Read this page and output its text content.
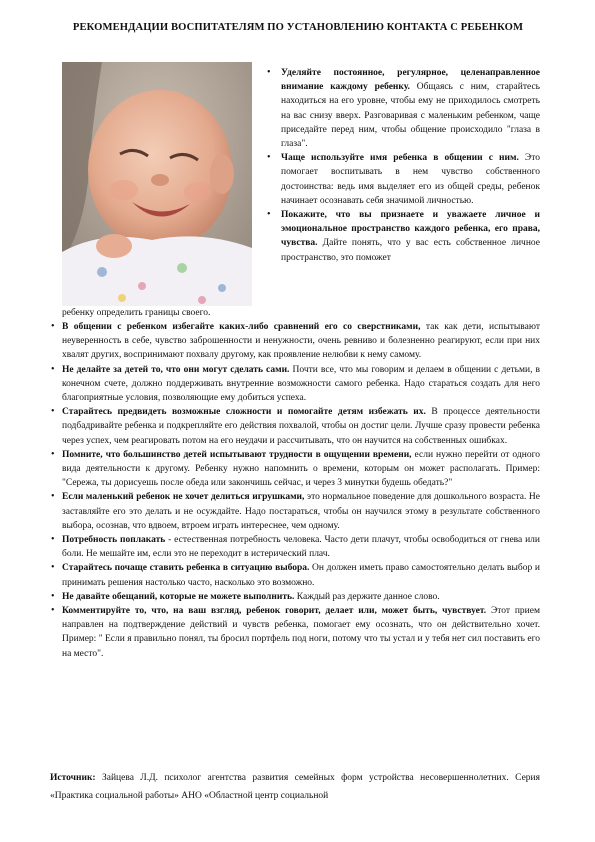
РЕКОМЕНДАЦИИ ВОСПИТАТЕЛЯМ ПО УСТАНОВЛЕНИЮ КОНТАКТА С РЕБЕНКОМ
• Уделяйте постоянное, регулярное, целенаправленное внимание каждому ребенку. Общаясь с ним, старайтесь находиться на его уровне, чтобы ему не приходилось смотреть на вас снизу вверх. Разговаривая с маленьким ребенком, чаще приседайте перед ним, чтобы общение происходило "глаза в глаза".
• Чаще используйте имя ребенка в общении с ним. Это помогает воспитывать в нем чувство собственного достоинства: ведь имя выделяет его из общей среды, ребенок начинает осознавать себя значимой личностью.
• Покажите, что вы признаете и уважаете личное и эмоциональное пространство каждого ребенка, его права, чувства. Дайте понять, что у вас есть собственное личное пространство, это поможет

ребенку определить границы своего.

• В общении с ребенком избегайте каких-либо сравнений его со сверстниками, так как дети, испытывают неуверенность в себе, чувство заброшенности и ненужности, очень ревниво и болезненно реагируют, если при них хвалят других, воспринимают похвалу другому, как проявление нелюбви к нему самому.
• Не делайте за детей то, что они могут сделать сами. Почти все, что мы говорим и делаем в общении с детьми, в конечном счете, должно поддерживать внутренние возможности самого ребенка. Надо стараться создать для него благоприятные условия, позволяющие ему добиться успеха.
• Старайтесь предвидеть возможные сложности и помогайте детям избежать их. В процессе деятельности подбадривайте ребенка и подкрепляйте его действия похвалой, чтобы он достиг цели. Лучше сразу провести ребенка через успех, чем реагировать потом на его неудачи и рассчитывать, что он научится на собственных ошибках.
• Помните, что большинство детей испытывают трудности в ощущении времени, если нужно перейти от одного вида деятельности к другому. Ребенку нужно напомнить о времени, которым он может располагать. Пример: "Сережа, ты дорисуешь после обеда или закончишь сейчас, и через 3 минутки будешь обедать?"
• Если маленький ребенок не хочет делиться игрушками, это нормальное поведение для дошкольного возраста. Не заставляйте его это делать и не осуждайте. Надо постараться, чтобы он научился этому в результате собственного выбора, осознав, что вдвоем, втроем играть интереснее, чем одному.
• Потребность поплакать - естественная потребность человека. Часто дети плачут, чтобы освободиться от гнева или боли. Не мешайте им, если это не переходит в истерический плач.
• Старайтесь почаще ставить ребенка в ситуацию выбора. Он должен иметь право самостоятельно делать выбор и принимать решения настолько часто, насколько это возможно.
• Не давайте обещаний, которые не можете выполнить. Каждый раз держите данное слово.
• Комментируйте то, что, на ваш взгляд, ребенок говорит, делает или, может быть, чувствует. Этот прием направлен на подтверждение действий и чувств ребенка, помогает ему осознать, что он действительно хочет. Пример: " Если я правильно понял, ты бросил портфель под ноги, потому что ты устал и у тебя нет сил поставить его на место".

Источник: Зайцева Л.Д. психолог агентства развития семейных форм устройства несовершеннолетних. Серия «Практика социальной работы» АНО «Областной центр социальной
